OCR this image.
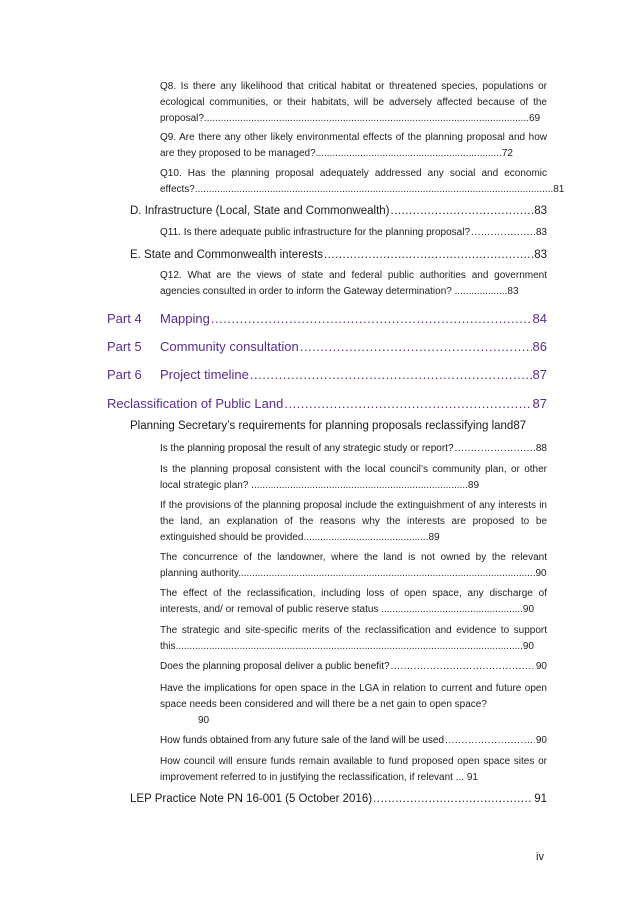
Q8. Is there any likelihood that critical habitat or threatened species, populations or ecological communities, or their habitats, will be adversely affected because of the proposal?.....................................................................................................................69
Q9. Are there any other likely environmental effects of the planning proposal and how are they proposed to be managed?...................................................................72
Q10. Has the planning proposal adequately addressed any social and economic effects?.................................................................................................................................81
D. Infrastructure (Local, State and Commonwealth) .....	83
Q11. Is there adequate public infrastructure for the planning proposal? .....	83
E. State and Commonwealth interests .....	83
Q12. What are the views of state and federal public authorities and government agencies consulted in order to inform the Gateway determination? ...................83
Part 4	Mapping .....	84
Part 5	Community consultation .....	86
Part 6	Project timeline .....	87
Reclassification of Public Land .....	87
Planning Secretary’s requirements for planning proposals reclassifying land 87
Is the planning proposal the result of any strategic study or report? .....	88
Is the planning proposal consistent with the local council’s community plan, or other local strategic plan? ..............................................................................89
If the provisions of the planning proposal include the extinguishment of any interests in the land, an explanation of the reasons why the interests are proposed to be extinguished should be provided.............................................89
The concurrence of the landowner, where the land is not owned by the relevant planning authority...........................................................................................................90
The effect of the reclassification, including loss of open space, any discharge of interests, and/ or removal of public reserve status ...................................................90
The strategic and site-specific merits of the reclassification and evidence to support this.............................................................................................................................90
Does the planning proposal deliver a public benefit? .....	90
Have the implications for open space in the LGA in relation to current and future open space needs been considered and will there be a net gain to open space?
90
How funds obtained from any future sale of the land will be used .....	90
How council will ensure funds remain available to fund proposed open space sites or improvement referred to in justifying the reclassification, if relevant ... 91
LEP Practice Note PN 16-001 (5 October 2016) .....	91
iv
